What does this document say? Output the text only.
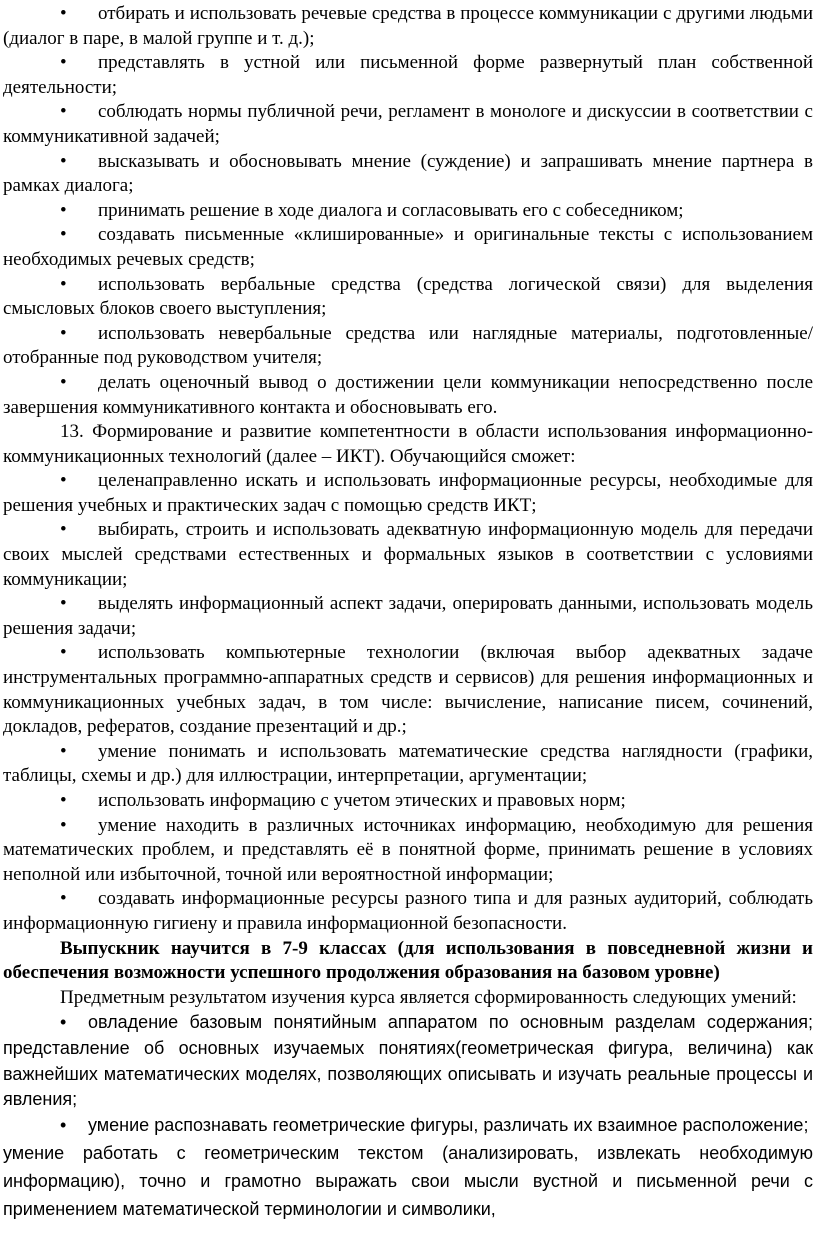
• отбирать и использовать речевые средства в процессе коммуникации с другими людьми (диалог в паре, в малой группе и т. д.);

• представлять в устной или письменной форме развернутый план собственной деятельности;

• соблюдать нормы публичной речи, регламент в монологе и дискуссии в соответствии с коммуникативной задачей;

• высказывать и обосновывать мнение (суждение) и запрашивать мнение партнера в рамках диалога;

• принимать решение в ходе диалога и согласовывать его с собеседником;

• создавать письменные «клишированные» и оригинальные тексты с использованием необходимых речевых средств;

• использовать вербальные средства (средства логической связи) для выделения смысловых блоков своего выступления;

• использовать невербальные средства или наглядные материалы, подготовленные/отобранные под руководством учителя;

• делать оценочный вывод о достижении цели коммуникации непосредственно после завершения коммуникативного контакта и обосновывать его.

13. Формирование и развитие компетентности в области использования информационно-коммуникационных технологий (далее – ИКТ). Обучающийся сможет:

• целенаправленно искать и использовать информационные ресурсы, необходимые для решения учебных и практических задач с помощью средств ИКТ;

• выбирать, строить и использовать адекватную информационную модель для передачи своих мыслей средствами естественных и формальных языков в соответствии с условиями коммуникации;

• выделять информационный аспект задачи, оперировать данными, использовать модель решения задачи;

• использовать компьютерные технологии (включая выбор адекватных задаче инструментальных программно-аппаратных средств и сервисов) для решения информационных и коммуникационных учебных задач, в том числе: вычисление, написание писем, сочинений, докладов, рефератов, создание презентаций и др.;

• умение понимать и использовать математические средства наглядности (графики, таблицы, схемы и др.) для иллюстрации, интерпретации, аргументации;

• использовать информацию с учетом этических и правовых норм;

• умение находить в различных источниках информацию, необходимую для решения математических проблем, и представлять её в понятной форме, принимать решение в условиях неполной или избыточной, точной или вероятностной информации;

• создавать информационные ресурсы разного типа и для разных аудиторий, соблюдать информационную гигиену и правила информационной безопасности.

Выпускник научится в 7-9 классах (для использования в повседневной жизни и обеспечения возможности успешного продолжения образования на базовом уровне)

Предметным результатом изучения курса является сформированность следующих умений:

• овладение базовым понятийным аппаратом по основным разделам содержания; представление об основных изучаемых понятиях(геометрическая фигура, величина) как важнейших математических моделях, позволяющих описывать и изучать реальные процессы и явления;

• умение распознавать геометрические фигуры, различать их взаимное расположение;

умение работать с геометрическим текстом (анализировать, извлекать необходимую информацию), точно и грамотно выражать свои мысли вустной и письменной речи с применением математической терминологии и символики,
